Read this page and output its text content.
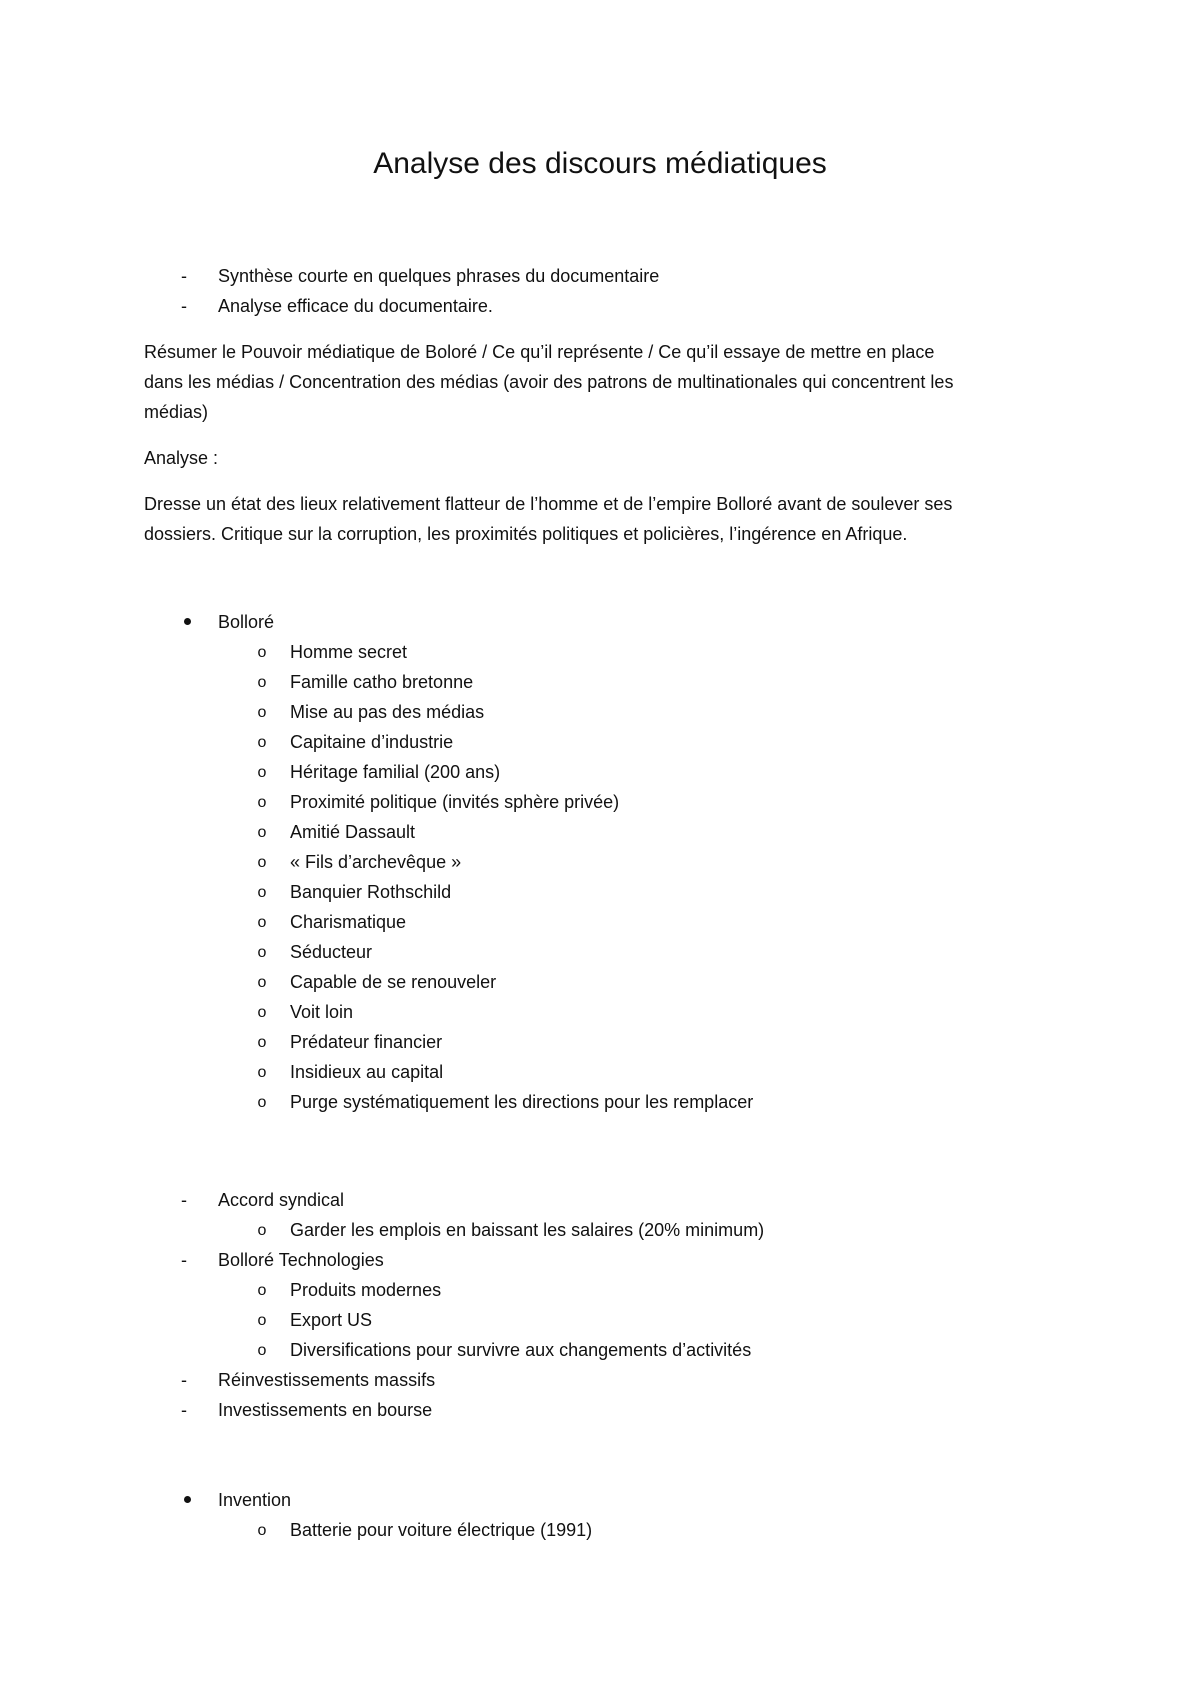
Analyse des discours médiatiques
-	Synthèse courte en quelques phrases du documentaire
-	Analyse efficace du documentaire.
Résumer le Pouvoir médiatique de Boloré / Ce qu’il représente / Ce qu’il essaye de mettre en place
dans les médias / Concentration des médias (avoir des patrons de multinationales qui concentrent les
médias)
Analyse :
Dresse un état des lieux relativement flatteur de l’homme et de l’empire Bolloré avant de soulever ses
dossiers. Critique sur la corruption, les proximités politiques et policières, l’ingérence en Afrique.
Bolloré
o	Homme secret
o	Famille catho bretonne
o	Mise au pas des médias
o	Capitaine d’industrie
o	Héritage familial (200 ans)
o	Proximité politique (invités sphère privée)
o	Amitié Dassault
o	« Fils d’archevêque »
o	Banquier Rothschild
o	Charismatique
o	Séducteur
o	Capable de se renouveler
o	Voit loin
o	Prédateur financier
o	Insidieux au capital
o	Purge systématiquement les directions pour les remplacer
-	Accord syndical
o	Garder les emplois en baissant les salaires (20% minimum)
-	Bolloré Technologies
o	Produits modernes
o	Export US
o	Diversifications pour survivre aux changements d’activités
-	Réinvestissements massifs
-	Investissements en bourse
Invention
o	Batterie pour voiture électrique (1991)
